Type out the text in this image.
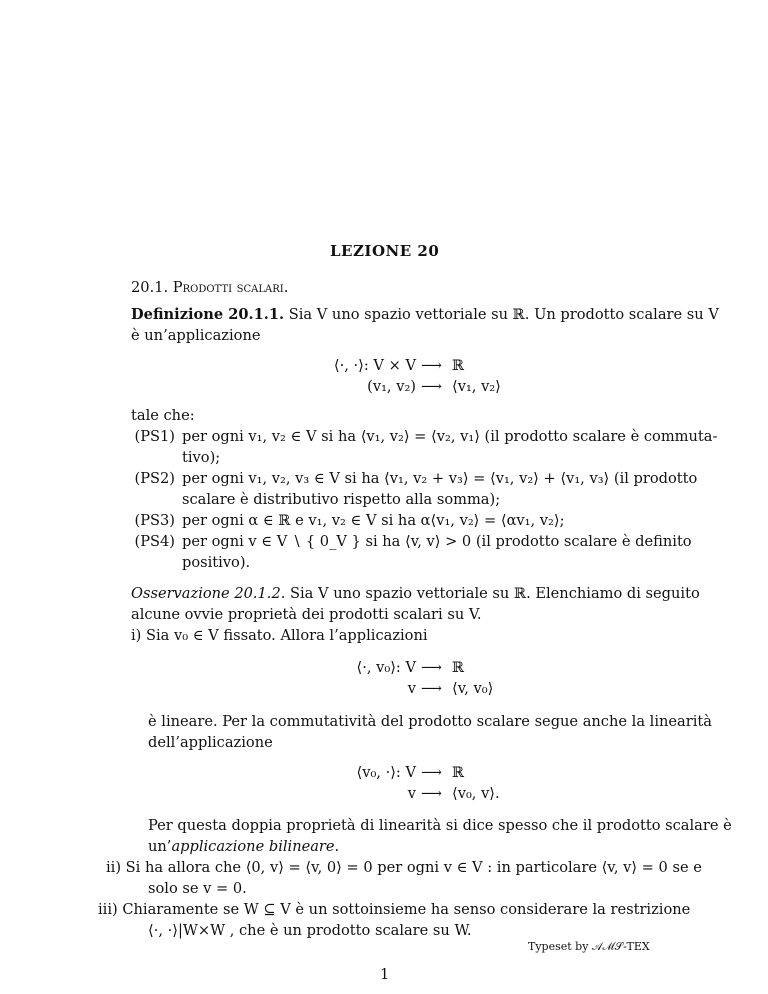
LEZIONE 20
20.1. Prodotti scalari.
Definizione 20.1.1. Sia V uno spazio vettoriale su ℝ. Un prodotto scalare su V
è un’applicazione
⟨·, ·⟩: V × V ⟶ ℝ
(v₁, v₂) ⟶ ⟨v₁, v₂⟩
tale che:
(PS1) per ogni v₁, v₂ ∈ V si ha ⟨v₁, v₂⟩ = ⟨v₂, v₁⟩ (il prodotto scalare è commuta-
tivo);
(PS2) per ogni v₁, v₂, v₃ ∈ V si ha ⟨v₁, v₂ + v₃⟩ = ⟨v₁, v₂⟩ + ⟨v₁, v₃⟩ (il prodotto
scalare è distributivo rispetto alla somma);
(PS3) per ogni α ∈ ℝ e v₁, v₂ ∈ V si ha α⟨v₁, v₂⟩ = ⟨αv₁, v₂⟩;
(PS4) per ogni v ∈ V ∖ { 0_V } si ha ⟨v, v⟩ > 0 (il prodotto scalare è definito
positivo).
Osservazione 20.1.2. Sia V uno spazio vettoriale su ℝ. Elenchiamo di seguito
alcune ovvie proprietà dei prodotti scalari su V.
i) Sia v₀ ∈ V fissato. Allora l’applicazioni
⟨·, v₀⟩: V ⟶ ℝ
v ⟶ ⟨v, v₀⟩
è lineare. Per la commutatività del prodotto scalare segue anche la linearità
dell’applicazione
⟨v₀, ·⟩: V ⟶ ℝ
v ⟶ ⟨v₀, v⟩.
Per questa doppia proprietà di linearità si dice spesso che il prodotto scalare è
un’applicazione bilineare.
ii) Si ha allora che ⟨0, v⟩ = ⟨v, 0⟩ = 0 per ogni v ∈ V : in particolare ⟨v, v⟩ = 0 se e
solo se v = 0.
iii) Chiaramente se W ⊆ V è un sottoinsieme ha senso considerare la restrizione
⟨·, ·⟩|W×W , che è un prodotto scalare su W.
Typeset by 𝒜ℳ𝒮-TEX
1
